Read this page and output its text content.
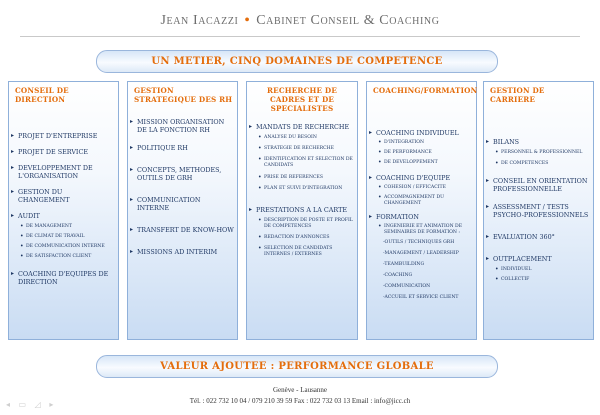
Jean Iacazzi • Cabinet Conseil & Coaching
UN METIER, CINQ DOMAINES DE COMPETENCE
CONSEIL DE DIRECTION
▸ PROJET D'ENTREPRISE
▸ PROJET DE SERVICE
▸ DEVELOPPEMENT DE L'ORGANISATION
▸ GESTION DU CHANGEMENT
▸ AUDIT
• DE MANAGEMENT
• DE CLIMAT DE TRAVAIL
• DE COMMUNICATION INTERNE
• DE SATISFACTION CLIENT
▸ COACHING D'EQUIPES DE DIRECTION
GESTION STRATEGIQUE DES RH
▸ MISSION ORGANISATION DE LA FONCTION RH
▸ POLITIQUE RH
▸ CONCEPTS, METHODES, OUTILS DE GRH
▸ COMMUNICATION INTERNE
▸ TRANSFERT DE KNOW-HOW
▸ MISSIONS AD INTERIM
RECHERCHE DE CADRES ET DE SPECIALISTES
▸ MANDATS DE RECHERCHE
• ANALYSE DU BESOIN
• STRATEGIE DE RECHERCHE
• IDENTIFICATION ET SELECTION DE CANDIDATS
• PRISE DE REFERENCES
• PLAN ET SUIVI D'INTEGRATION
▸ PRESTATIONS A LA CARTE
• DESCRIPTION DE POSTE ET PROFIL DE COMPETENCES
• REDACTION D'ANNONCES
• SELECTION DE CANDIDATS INTERNES / EXTERNES
COACHING/FORMATION
▸ COACHING INDIVIDUEL
• D'INTEGRATION
• DE PERFORMANCE
• DE DEVELOPPEMENT
▸ COACHING D'EQUIPE
• COHESION / EFFICACITE
• ACCOMPAGNEMENT DU CHANGEMENT
▸ FORMATION
• INGENIERIE ET ANIMATION DE SEMINAIRES DE FORMATION :
-OUTILS / TECHNIQUES GRH
-MANAGEMENT / LEADERSHIP
-TEAMBUILDING
-COACHING
-COMMUNICATION
-ACCUEIL ET SERVICE CLIENT
GESTION DE CARRIERE
▸ BILANS
• PERSONNEL & PROFESSIONNEL
• DE COMPETENCES
▸ CONSEIL EN ORIENTATION PROFESSIONNELLE
▸ ASSESSMENT / TESTS PSYCHO-PROFESSIONNELS
▸ EVALUATION 360°
▸ OUTPLACEMENT
• INDIVIDUEL
• COLLECTIF
VALEUR AJOUTEE : PERFORMANCE GLOBALE
Genève - Lausanne
Tél. : 022 732 10 04 / 079 210 39 59 Fax : 022 732 03 13 Email : info@jicc.ch
◂ ▭ ◿ ▸
